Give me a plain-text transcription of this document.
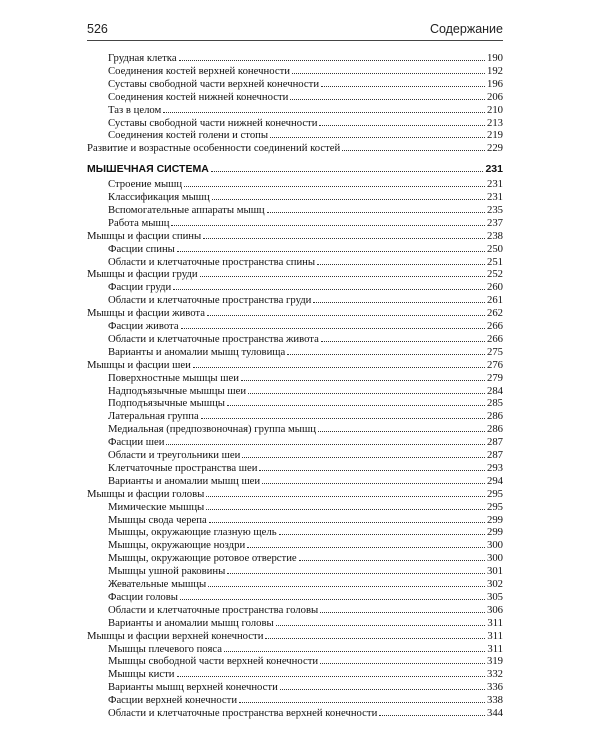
526	Содержание
Грудная клетка	190
Соединения костей верхней конечности	192
Суставы свободной части верхней конечности	196
Соединения костей нижней конечности	206
Таз в целом	210
Суставы свободной части нижней конечности	213
Соединения костей голени и стопы	219
Развитие и возрастные особенности соединений костей	229
МЫШЕЧНАЯ СИСТЕМА	231
Строение мышц	231
Классификация мышц	231
Вспомогательные аппараты мышц	235
Работа мышц	237
Мышцы и фасции спины	238
Фасции спины	250
Области и клетчаточные пространства спины	251
Мышцы и фасции груди	252
Фасции груди	260
Области и клетчаточные пространства груди	261
Мышцы и фасции живота	262
Фасции живота	266
Области и клетчаточные пространства живота	266
Варианты и аномалии мышц туловища	275
Мышцы и фасции шеи	276
Поверхностные мышцы шеи	279
Надподъязычные мышцы шеи	284
Подподъязычные мышцы	285
Латеральная группа	286
Медиальная (предпозвоночная) группа мышц	286
Фасции шеи	287
Области и треугольники шеи	287
Клетчаточные пространства шеи	293
Варианты и аномалии мышц шеи	294
Мышцы и фасции головы	295
Мимические мышцы	295
Мышцы свода черепа	299
Мышцы, окружающие глазную щель	299
Мышцы, окружающие ноздри	300
Мышцы, окружающие ротовое отверстие	300
Мышцы ушной раковины	301
Жевательные мышцы	302
Фасции головы	305
Области и клетчаточные пространства головы	306
Варианты и аномалии мышц головы	311
Мышцы и фасции верхней конечности	311
Мышцы плечевого пояса	311
Мышцы свободной части верхней конечности	319
Мышцы кисти	332
Варианты мышц верхней конечности	336
Фасции верхней конечности	338
Области и клетчаточные пространства верхней конечности	344
